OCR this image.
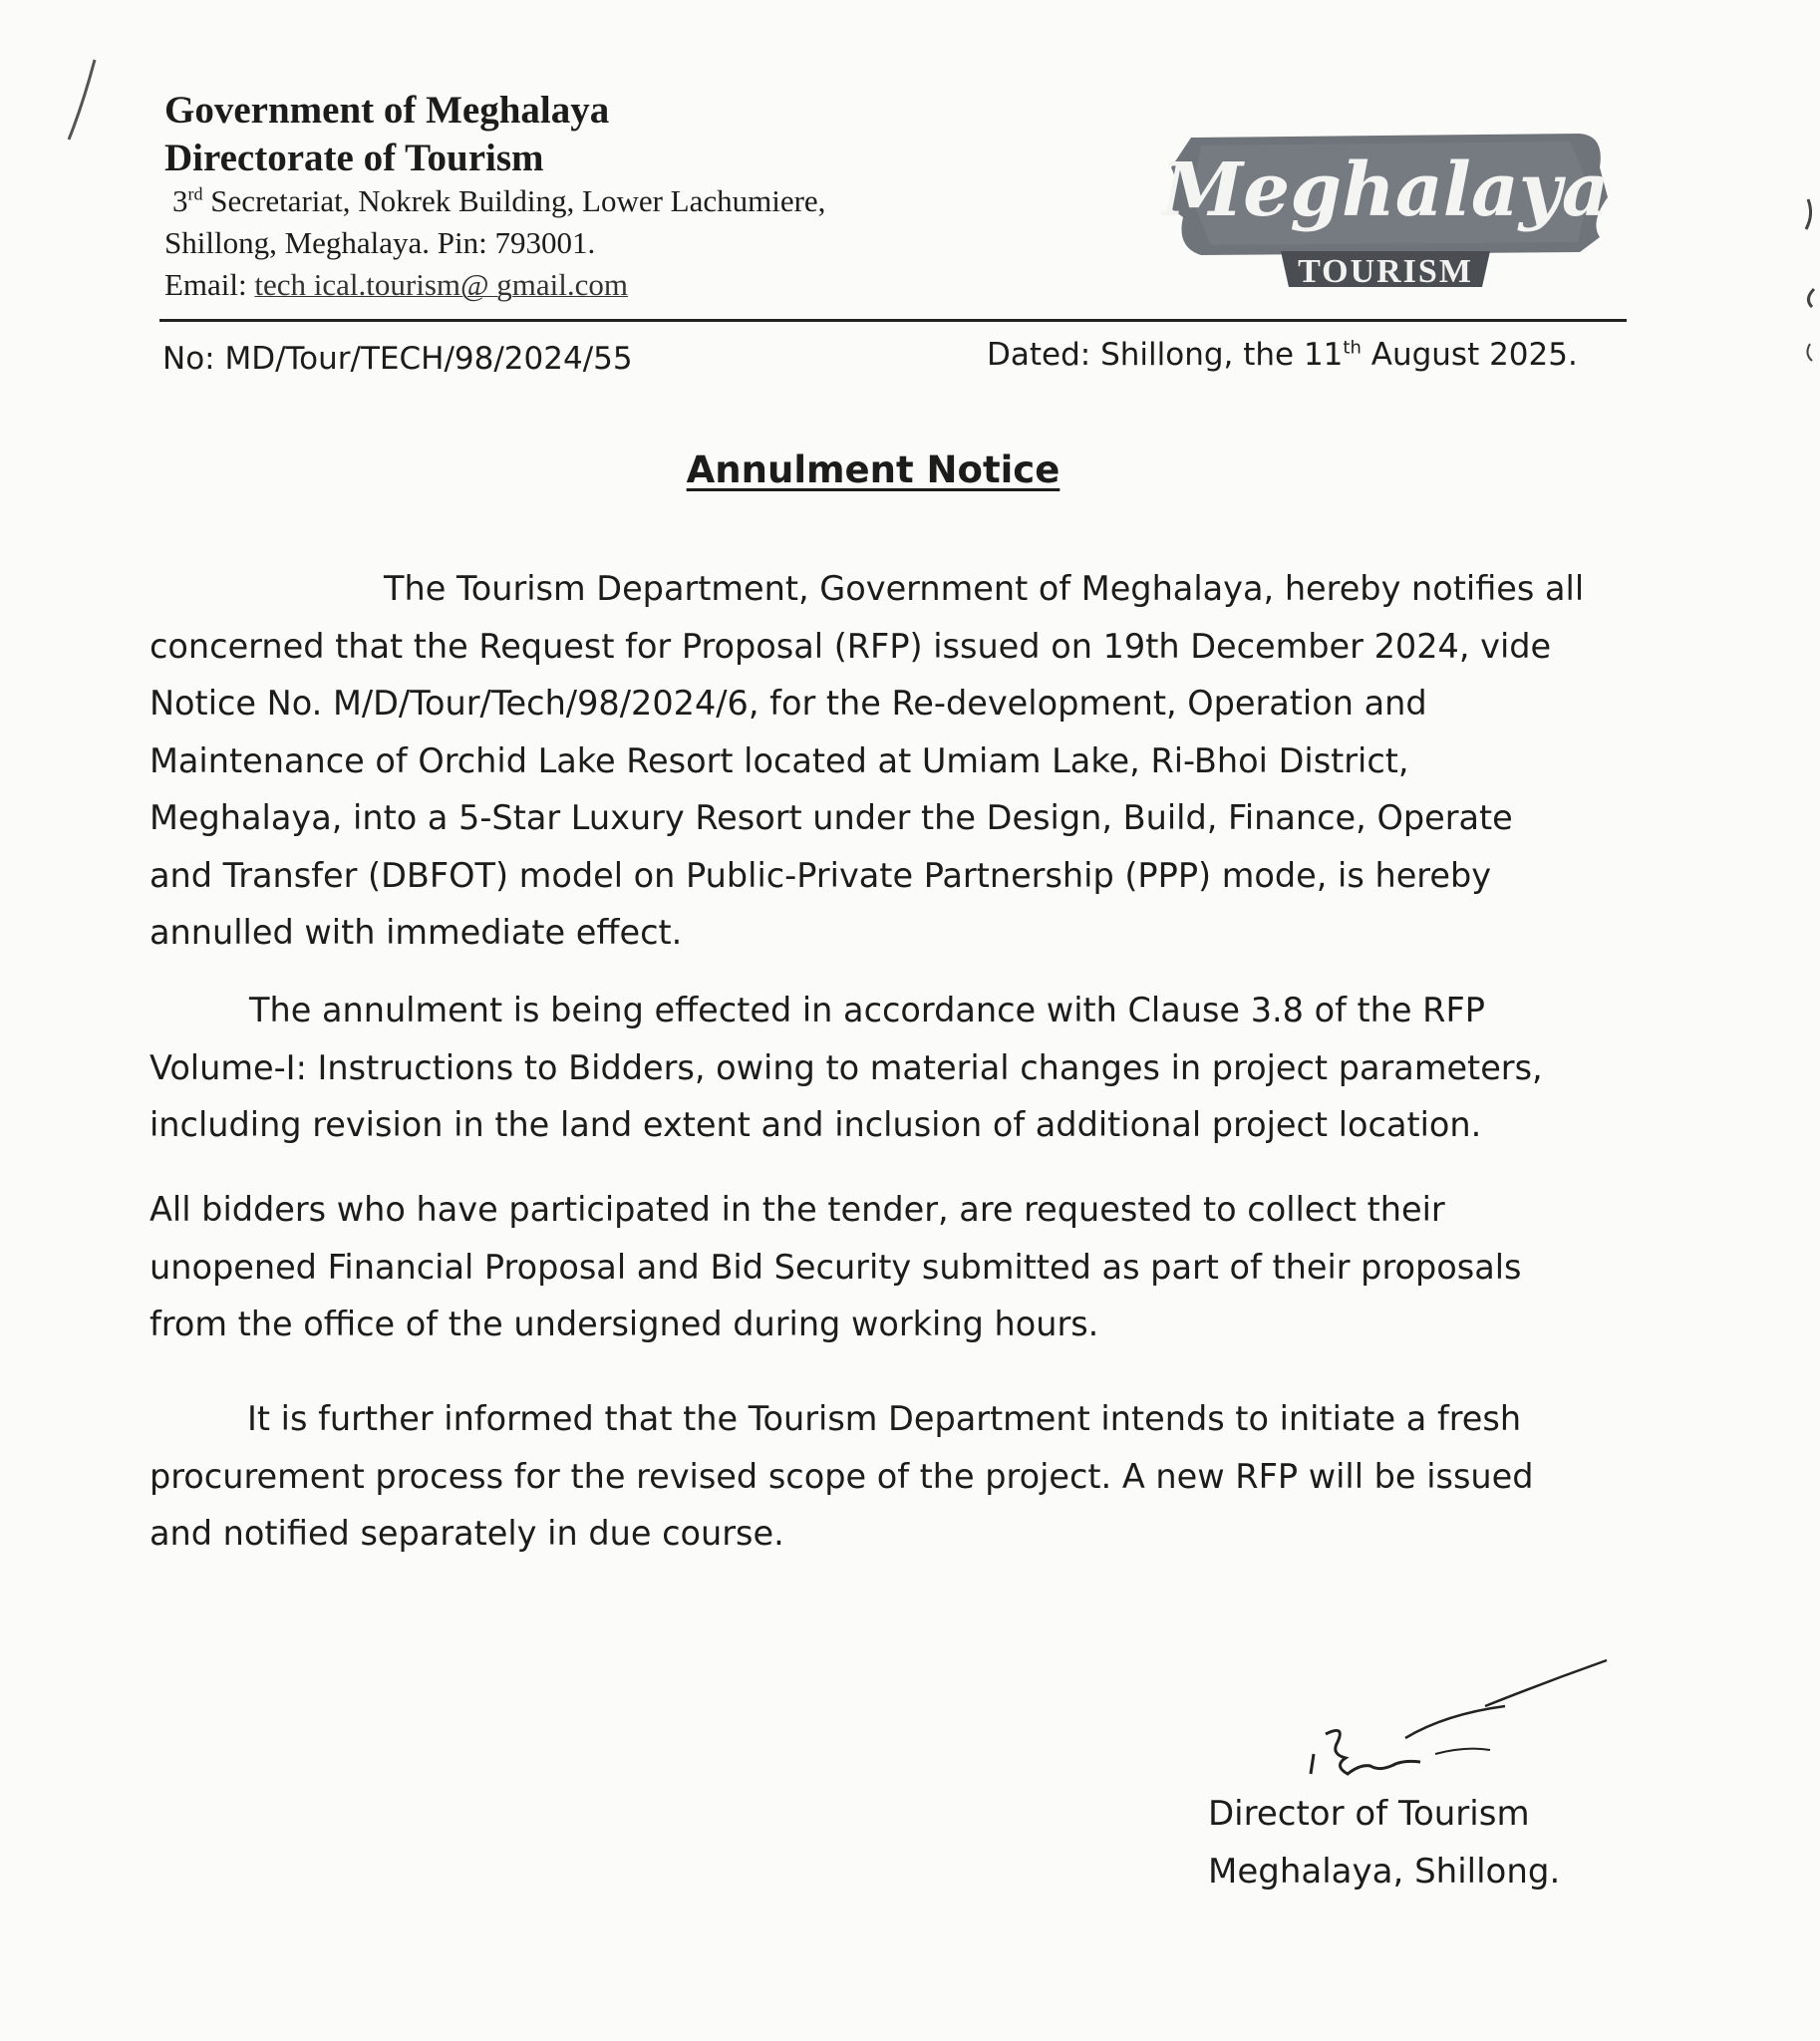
Government of Meghalaya
Directorate of Tourism
3rd Secretariat, Nokrek Building, Lower Lachumiere,
Shillong, Meghalaya. Pin: 793001.
Email: tech ical.tourism@ gmail.com
Meghalaya
TOURISM
No: MD/Tour/TECH/98/2024/55	Dated: Shillong, the 11th August 2025.
Annulment Notice
The Tourism Department, Government of Meghalaya, hereby notifies all concerned that the Request for Proposal (RFP) issued on 19th December 2024, vide Notice No. M/D/Tour/Tech/98/2024/6, for the Re-development, Operation and Maintenance of Orchid Lake Resort located at Umiam Lake, Ri-Bhoi District, Meghalaya, into a 5-Star Luxury Resort under the Design, Build, Finance, Operate and Transfer (DBFOT) model on Public-Private Partnership (PPP) mode, is hereby annulled with immediate effect.
The annulment is being effected in accordance with Clause 3.8 of the RFP Volume-I: Instructions to Bidders, owing to material changes in project parameters, including revision in the land extent and inclusion of additional project location.
All bidders who have participated in the tender, are requested to collect their unopened Financial Proposal and Bid Security submitted as part of their proposals from the office of the undersigned during working hours.
It is further informed that the Tourism Department intends to initiate a fresh procurement process for the revised scope of the project. A new RFP will be issued and notified separately in due course.
Director of Tourism
Meghalaya, Shillong.
